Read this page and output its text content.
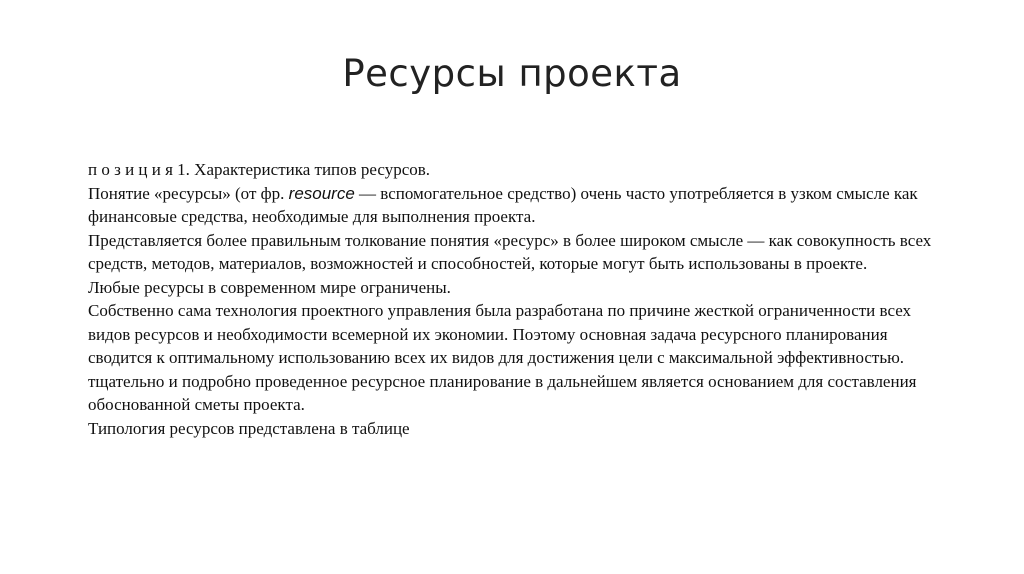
Ресурсы проекта

п о з и ц и я 1. Характеристика типов ресурсов.

Понятие «ресурсы» (от фр. resource — вспомогательное средство) очень часто употребляется в узком смысле как финансовые средства, необходимые для выполнения проекта.

Представляется более правильным толкование понятия «ресурс» в более широком смысле — как совокупность всех средств, методов, материалов, возможностей и способностей, которые могут быть использованы в проекте.

Любые ресурсы в современном мире ограничены.

Собственно сама технология проектного управления была разработана по причине жесткой ограниченности всех видов ресурсов и необходимости всемерной их экономии. Поэтому основная задача ресурсного планирования сводится к оптимальному использованию всех их видов для достижения цели с максимальной эффективностью. тщательно и подробно проведенное ресурсное планирование в дальнейшем является основанием для составления обоснованной сметы проекта.

Типология ресурсов представлена в таблице
